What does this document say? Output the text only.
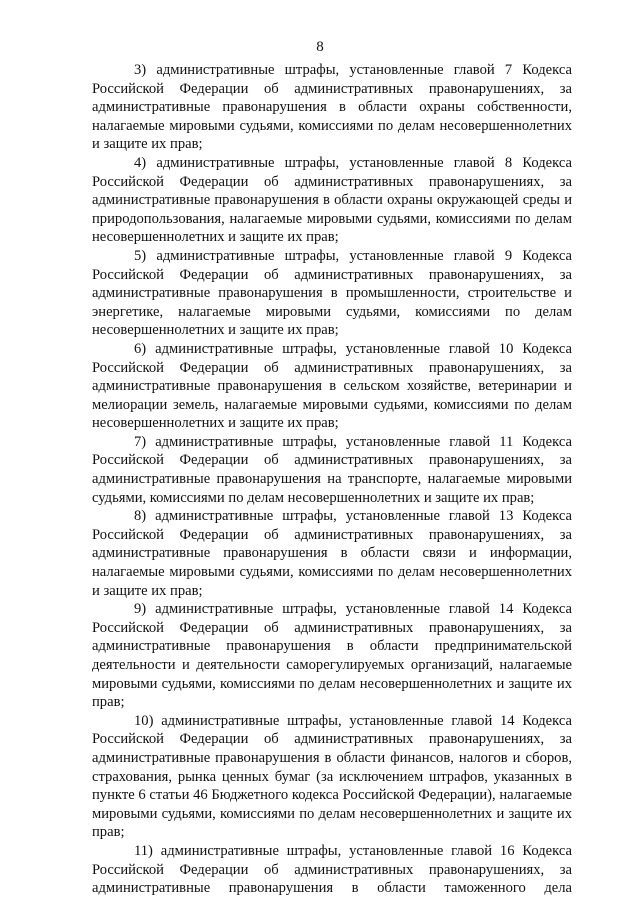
8

3) административные штрафы, установленные главой 7 Кодекса Российской Федерации об административных правонарушениях, за административные правонарушения в области охраны собственности, налагаемые мировыми судьями, комиссиями по делам несовершеннолетних и защите их прав;

4) административные штрафы, установленные главой 8 Кодекса Российской Федерации об административных правонарушениях, за административные правонарушения в области охраны окружающей среды и природопользования, налагаемые мировыми судьями, комиссиями по делам несовершеннолетних и защите их прав;

5) административные штрафы, установленные главой 9 Кодекса Российской Федерации об административных правонарушениях, за административные правонарушения в промышленности, строительстве и энергетике, налагаемые мировыми судьями, комиссиями по делам несовершеннолетних и защите их прав;

6) административные штрафы, установленные главой 10 Кодекса Российской Федерации об административных правонарушениях, за административные правонарушения в сельском хозяйстве, ветеринарии и мелиорации земель, налагаемые мировыми судьями, комиссиями по делам несовершеннолетних и защите их прав;

7) административные штрафы, установленные главой 11 Кодекса Российской Федерации об административных правонарушениях, за административные правонарушения на транспорте, налагаемые мировыми судьями, комиссиями по делам несовершеннолетних и защите их прав;

8) административные штрафы, установленные главой 13 Кодекса Российской Федерации об административных правонарушениях, за административные правонарушения в области связи и информации, налагаемые мировыми судьями, комиссиями по делам несовершеннолетних и защите их прав;

9) административные штрафы, установленные главой 14 Кодекса Российской Федерации об административных правонарушениях, за административные правонарушения в области предпринимательской деятельности и деятельности саморегулируемых организаций, налагаемые мировыми судьями, комиссиями по делам несовершеннолетних и защите их прав;

10) административные штрафы, установленные главой 14 Кодекса Российской Федерации об административных правонарушениях, за административные правонарушения в области финансов, налогов и сборов, страхования, рынка ценных бумаг (за исключением штрафов, указанных в пункте 6 статьи 46 Бюджетного кодекса Российской Федерации), налагаемые мировыми судьями, комиссиями по делам несовершеннолетних и защите их прав;

11) административные штрафы, установленные главой 16 Кодекса Российской Федерации об административных правонарушениях, за административные правонарушения в области таможенного дела
